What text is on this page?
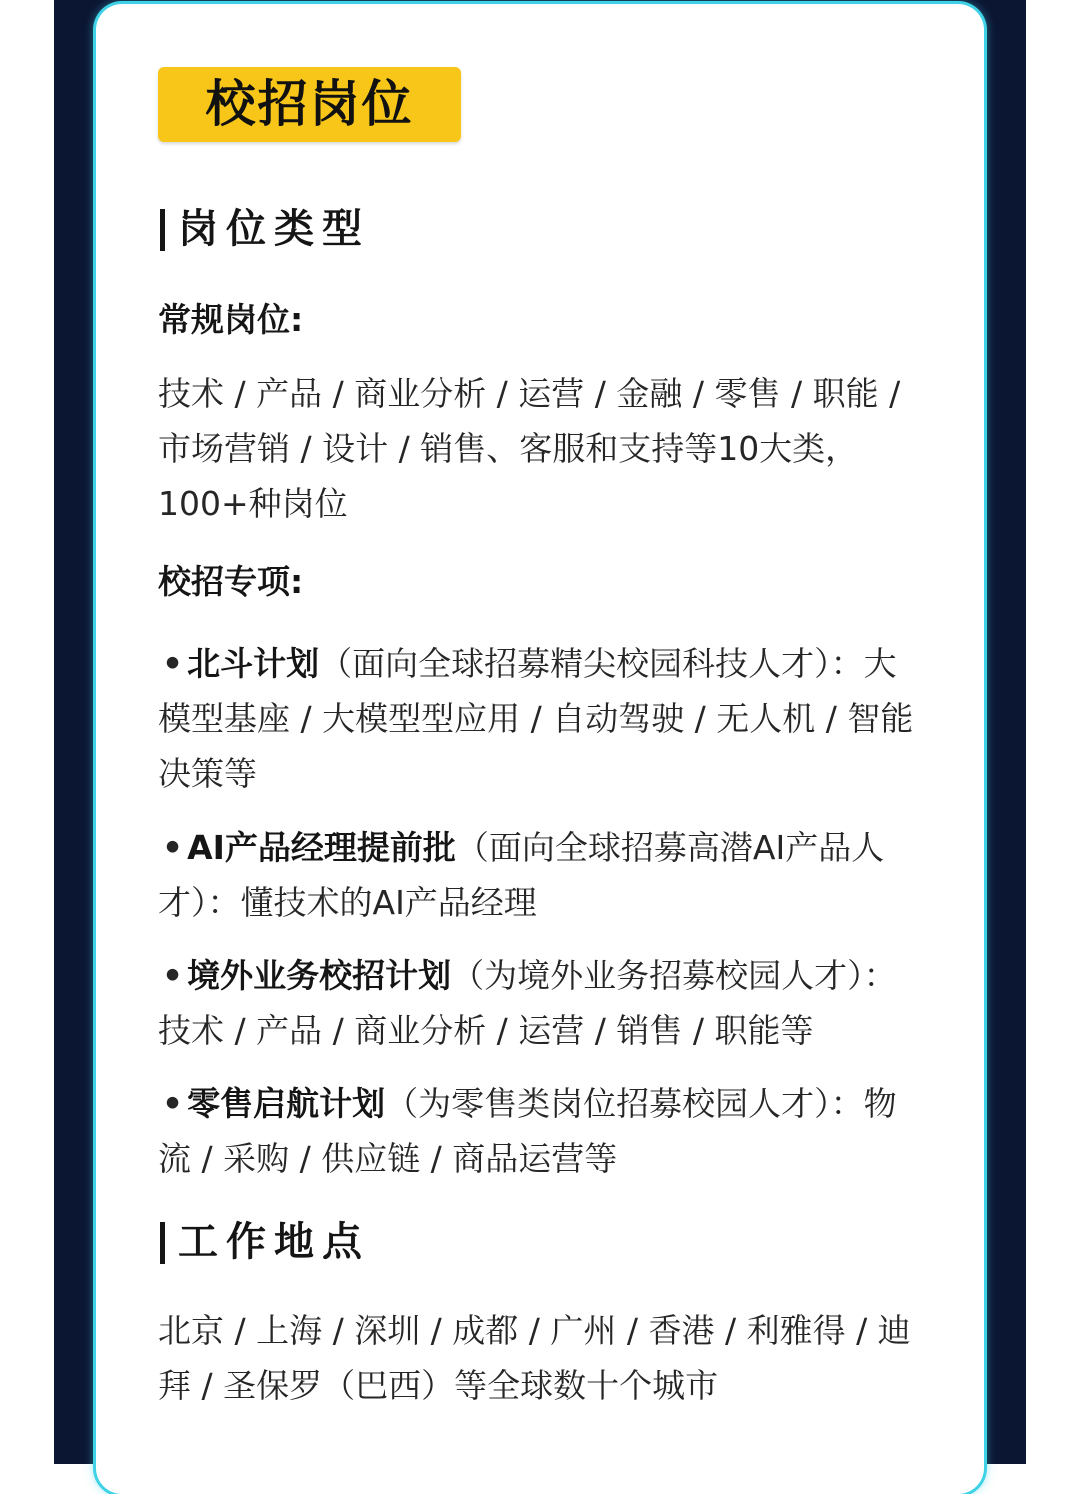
校招岗位
岗位类型
常规岗位:
技术 / 产品 / 商业分析 / 运营 / 金融 / 零售 / 职能 / 市场营销 / 设计 / 销售、客服和支持等10大类，100+种岗位
校招专项:
• 北斗计划（面向全球招募精尖校园科技人才）：大模型基座 / 大模型型应用 / 自动驾驶 / 无人机 / 智能决策等
• AI产品经理提前批（面向全球招募高潜AI产品人才）：懂技术的AI产品经理
• 境外业务校招计划（为境外业务招募校园人才）：技术 / 产品 / 商业分析 / 运营 / 销售 / 职能等
• 零售启航计划（为零售类岗位招募校园人才）：物流 / 采购 / 供应链 / 商品运营等
工作地点
北京 / 上海 / 深圳 / 成都 / 广州 / 香港 / 利雅得 / 迪拜 / 圣保罗（巴西）等全球数十个城市
